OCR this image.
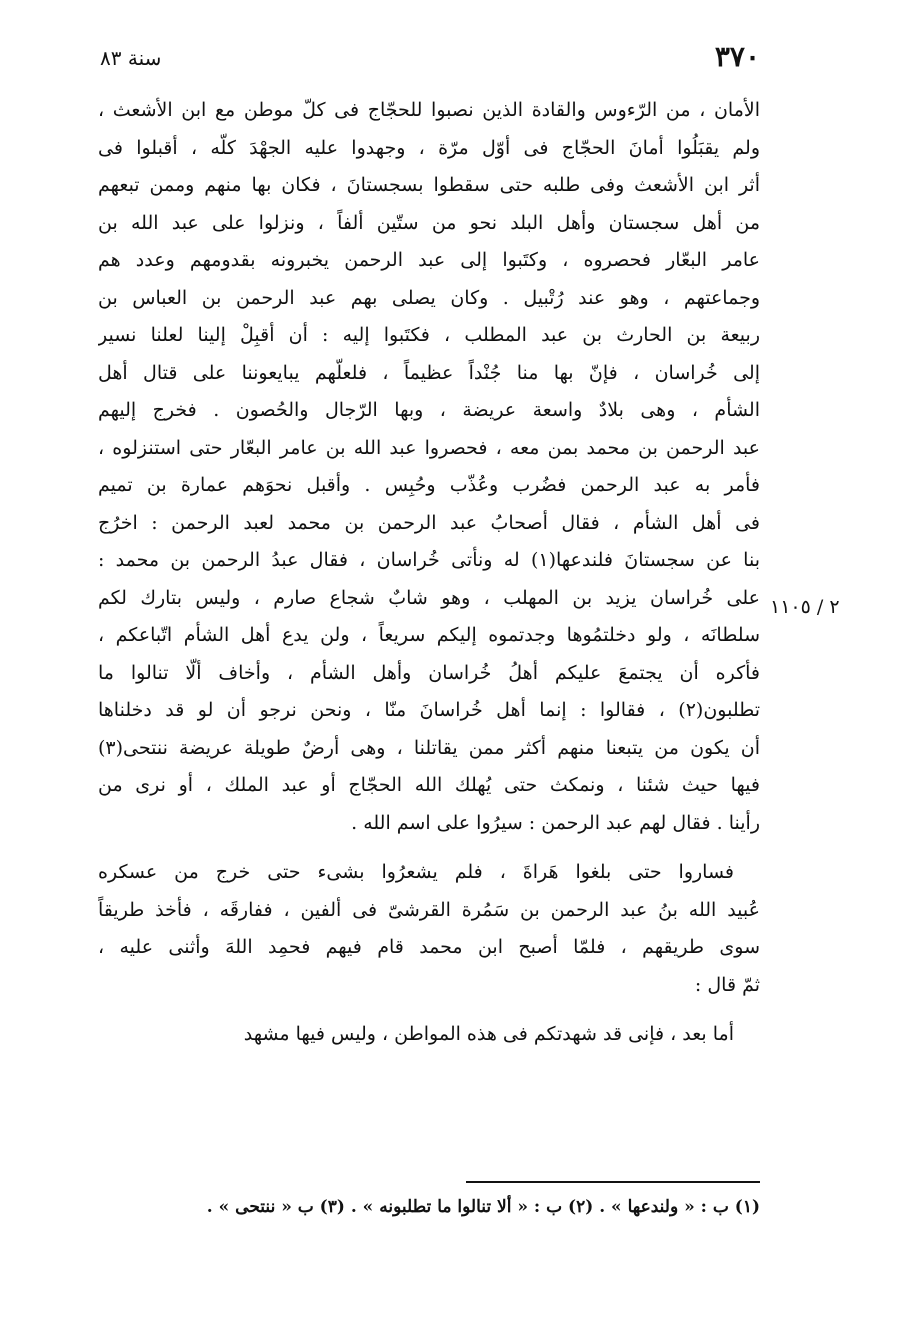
٣٧٠
سنة ٨٣
الأمان ، من الرّءوس والقادة الذين نصبوا للحجّاج فى كلّ موطن مع ابن الأشعث ،
ولم يقبَلُوا أمانَ الحجّاج فى أوّل مرّة ، وجهدوا عليه الجهْدَ كلّه ، أقبلوا فى
أثر ابن الأشعث وفى طلبه حتى سقطوا بسجستانَ ، فكان بها منهم وممن تبعهم
من أهل سجستان وأهل البلد نحو من ستّين ألفاً ، ونزلوا على عبد الله بن
عامر البعّار فحصروه ، وكتَبوا إلى عبد الرحمن يخبرونه بقدومهم وعدد هم
وجماعتهم ، وهو عند رُتْبيل . وكان يصلى بهم عبد الرحمن بن العباس بن
ربيعة بن الحارث بن عبد المطلب ، فكتَبوا إليه : أن أقبِلْ إلينا لعلنا نسير
إلى خُراسان ، فإنّ بها منا جُنْداً عظيماً ، فلعلّهم يبايعوننا على قتال أهل
الشأم ، وهى بلادٌ واسعة عريضة ، وبها الرّجال والحُصون . فخرج إليهم
عبد الرحمن بن محمد بمن معه ، فحصروا عبد الله بن عامر البعّار حتى استنزلوه ،
فأمر به عبد الرحمن فضُرب وعُذّب وحُبِس . وأقبل نحوَهم عمارة بن تميم
فى أهل الشأم ، فقال أصحابُ عبد الرحمن بن محمد لعبد الرحمن : اخرُج
بنا عن سجستانَ فلندعها(١) له ونأتى خُراسان ، فقال عبدُ الرحمن بن محمد :
على خُراسان يزيد بن المهلب ، وهو شابٌ شجاع صارم ، وليس بتارك لكم
سلطانَه ، ولو دخلتمُوها وجدتموه إليكم سريعاً ، ولن يدع أهل الشأم اتّباعكم ،
فأكره أن يجتمعَ عليكم أهلُ خُراسان وأهل الشأم ، وأخاف ألّا تنالوا ما
تطلبون(٢) ، فقالوا : إنما أهل خُراسانَ منّا ، ونحن نرجو أن لو قد دخلناها
أن يكون من يتبعنا منهم أكثر ممن يقاتلنا ، وهى أرضٌ طويلة عريضة ننتحى(٣)
فيها حيث شئنا ، ونمكث حتى يُهلك الله الحجّاج أو عبد الملك ، أو نرى من
رأينا . فقال لهم عبد الرحمن : سيرُوا على اسم الله .
فساروا حتى بلغوا هَراةَ ، فلم يشعرُوا بشىء حتى خرج من عسكره
عُبيد الله بنُ عبد الرحمن بن سَمُرة القرشىّ فى ألفين ، ففارقَه ، فأخذ طريقاً
سوى طريقهم ، فلمّا أصبح ابن محمد قام فيهم فحمِد اللهَ وأثنى عليه ،
ثمّ قال :
أما بعد ، فإنى قد شهدتكم فى هذه المواطن ، وليس فيها مشهد
٢ / ١١٠٥
(١) ب : « ولندعها » . (٢) ب : « ألا تنالوا ما تطلبونه » . (٣) ب « ننتحى » .
